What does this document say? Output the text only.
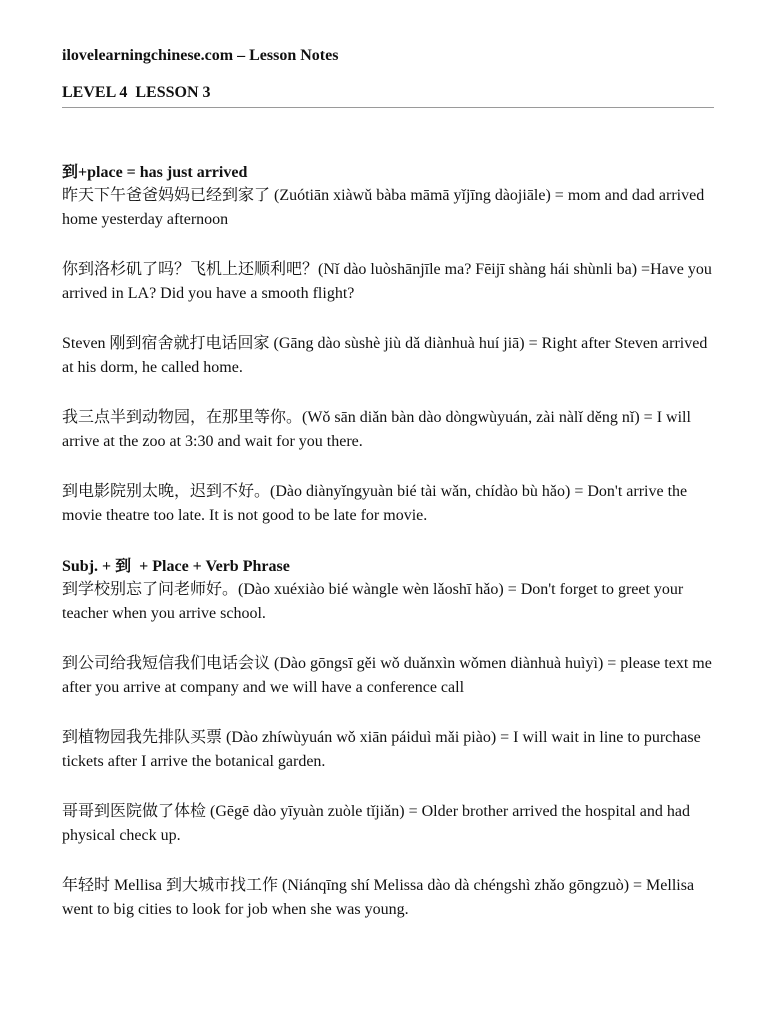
ilovelearningchinese.com – Lesson Notes
LEVEL 4  LESSON 3

到+place = has just arrived

昨天下午爸爸妈妈已经到家了 (Zuótiān xiàwǔ bàba māmā yǐjīng dàojiāle) = mom and dad arrived home yesterday afternoon

你到洛杉矶了吗？飞机上还顺利吧？(Nǐ dào luòshānjīle ma? Fēijī shàng hái shùnli ba) =Have you arrived in LA? Did you have a smooth flight?

Steven 刚到宿舍就打电话回家 (Gāng dào sùshè jiù dǎ diànhuà huí jiā) = Right after Steven arrived at his dorm, he called home.

我三点半到动物园，在那里等你。(Wǒ sān diǎn bàn dào dòngwùyuán, zài nàlǐ děng nǐ) = I will arrive at the zoo at 3:30 and wait for you there.

到电影院别太晚，迟到不好。(Dào diànyǐngyuàn bié tài wǎn, chídào bù hǎo) = Don't arrive the movie theatre too late. It is not good to be late for movie.

Subj. + 到  + Place + Verb Phrase

到学校别忘了问老师好。(Dào xuéxiào bié wàngle wèn lǎoshī hǎo) = Don't forget to greet your teacher when you arrive school.

到公司给我短信我们电话会议 (Dào gōngsī gěi wǒ duǎnxìn wǒmen diànhuà huìyì) = please text me after you arrive at company and we will have a conference call

到植物园我先排队买票 (Dào zhíwùyuán wǒ xiān páiduì mǎi piào) = I will wait in line to purchase tickets after I arrive the botanical garden.

哥哥到医院做了体检 (Gēgē dào yīyuàn zuòle tǐjiǎn) = Older brother arrived the hospital and had physical check up.

年轻时 Mellisa 到大城市找工作 (Niánqīng shí Melissa dào dà chéngshì zhǎo gōngzuò) = Mellisa went to big cities to look for job when she was young.
